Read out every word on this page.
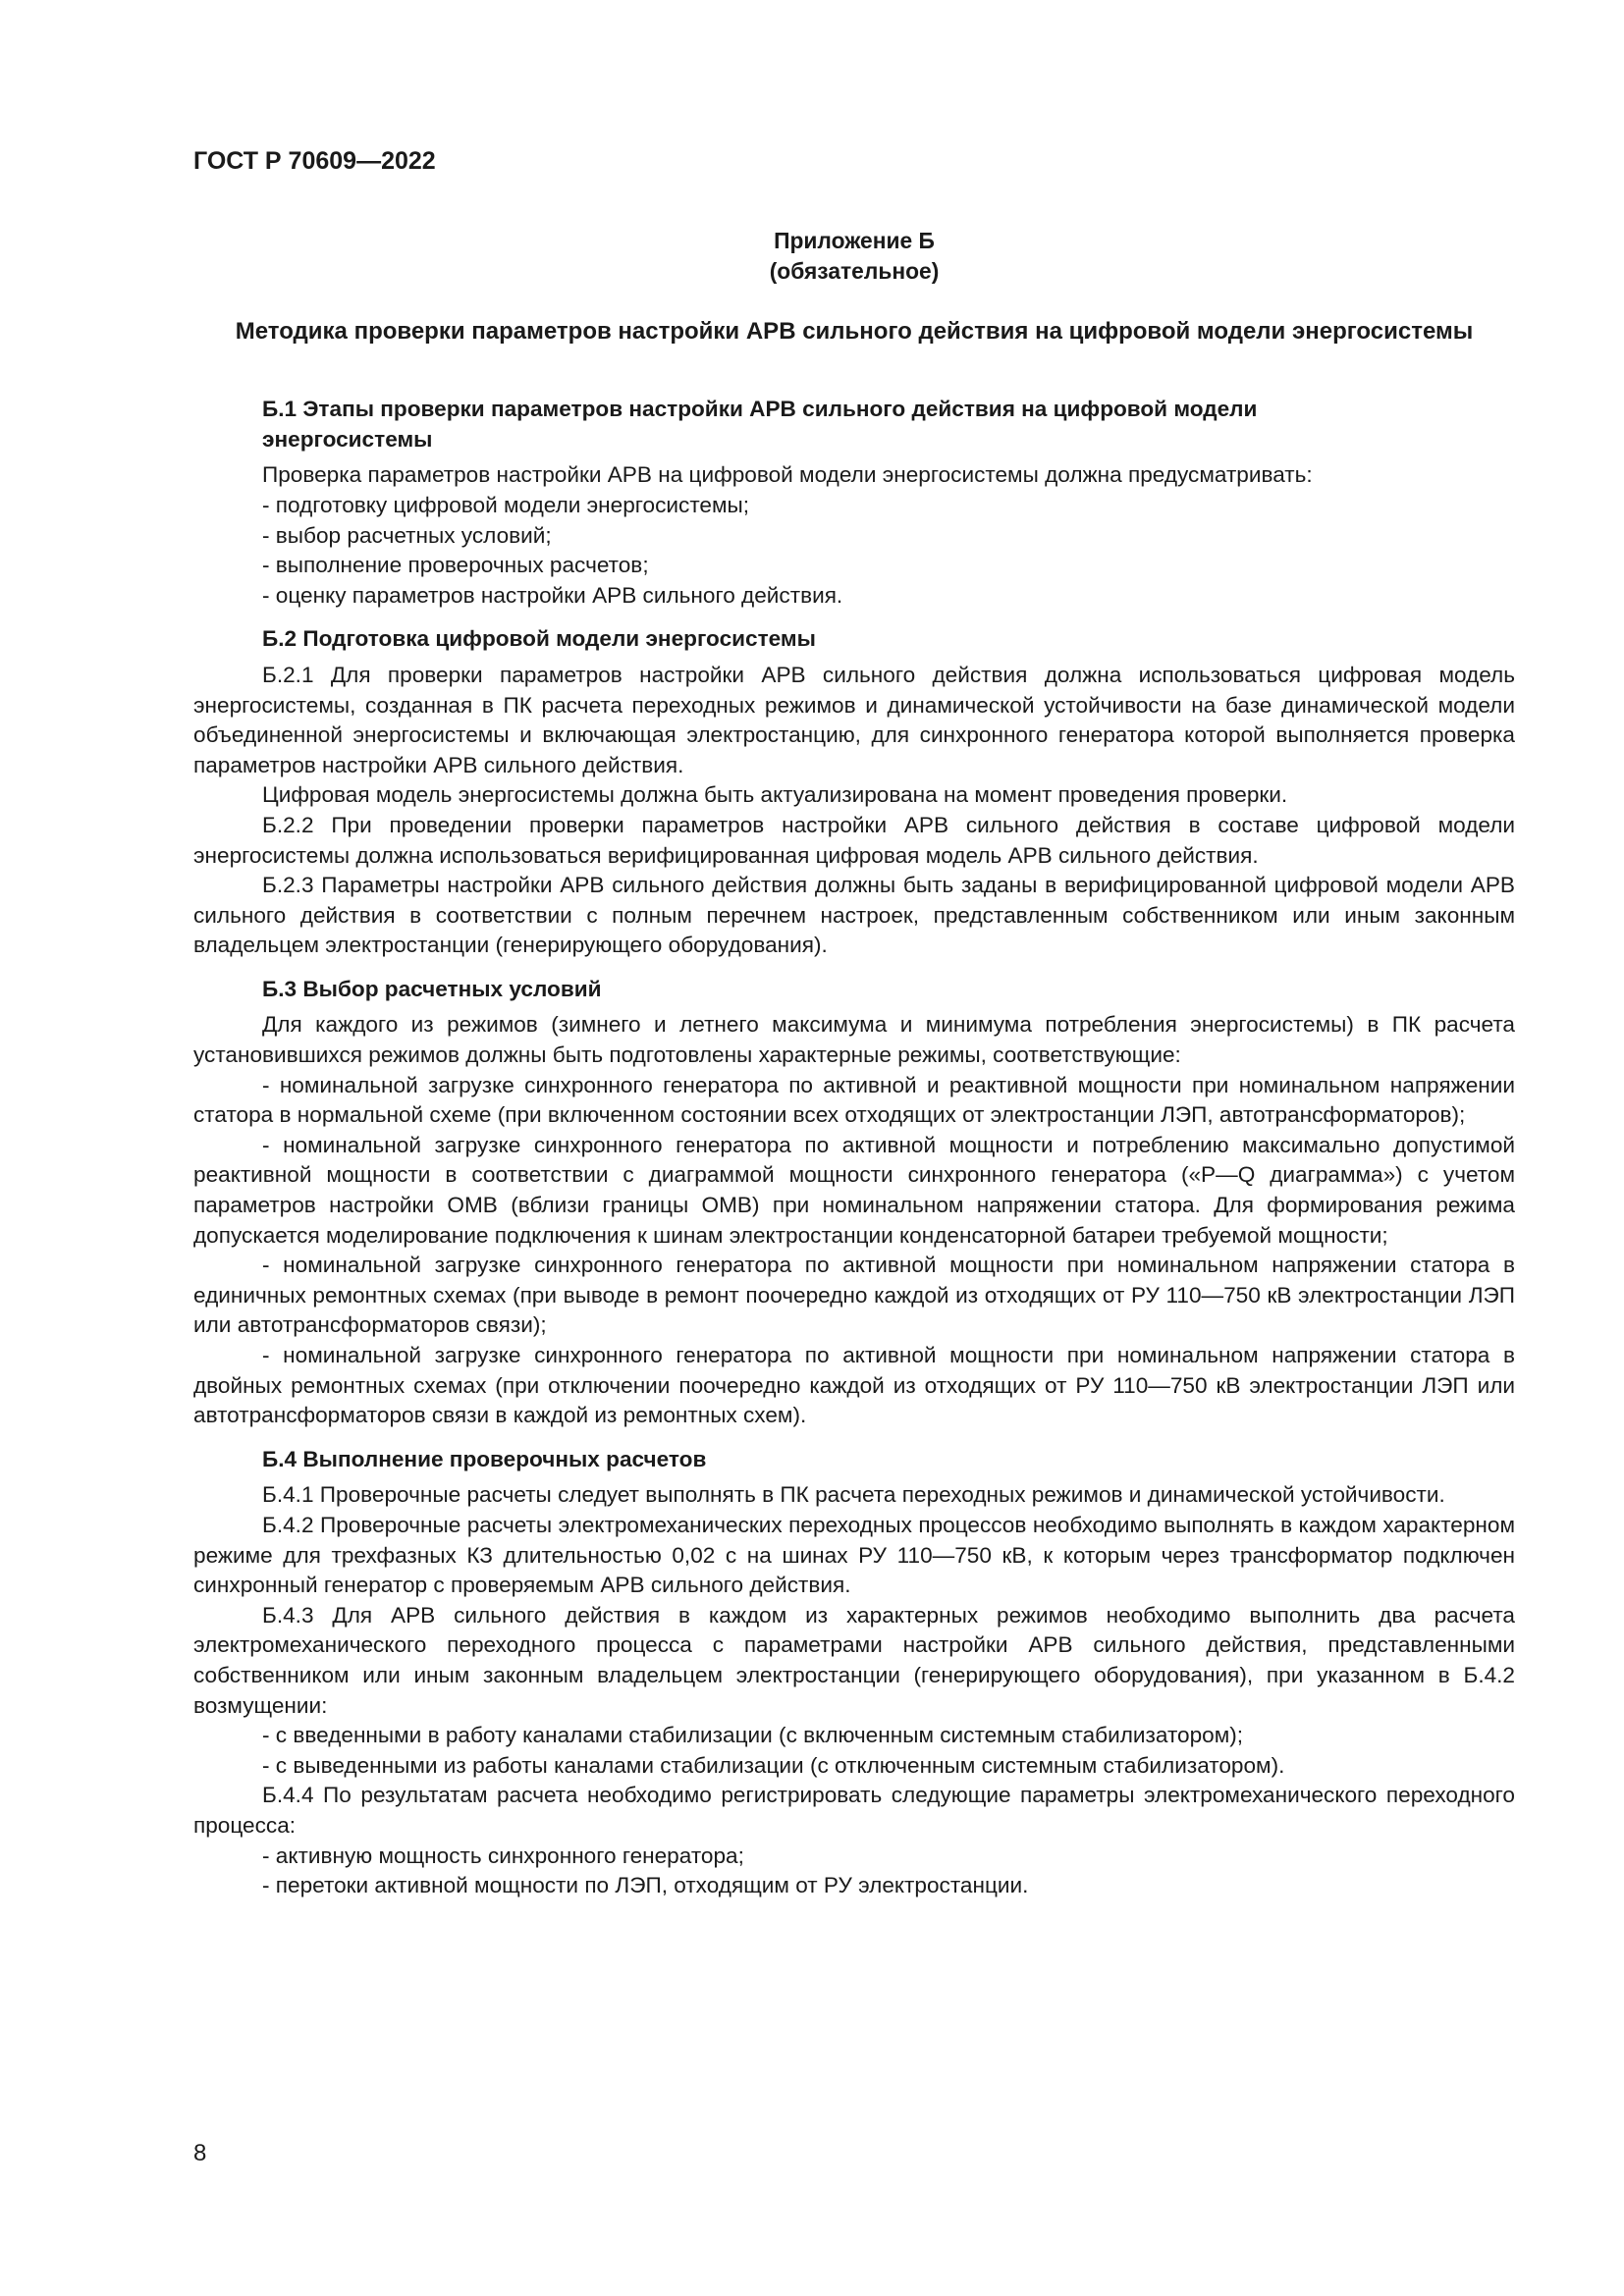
ГОСТ Р 70609—2022
Приложение Б
(обязательное)
Методика проверки параметров настройки АРВ сильного действия на цифровой модели энергосистемы
Б.1 Этапы проверки параметров настройки АРВ сильного действия на цифровой модели
энергосистемы

Проверка параметров настройки АРВ на цифровой модели энергосистемы должна предусматривать:

- подготовку цифровой модели энергосистемы;

- выбор расчетных условий;

- выполнение проверочных расчетов;

- оценку параметров настройки АРВ сильного действия.

Б.2 Подготовка цифровой модели энергосистемы

Б.2.1 Для проверки параметров настройки АРВ сильного действия должна использоваться цифровая модель энергосистемы, созданная в ПК расчета переходных режимов и динамической устойчивости на базе динамической модели объединенной энергосистемы и включающая электростанцию, для синхронного генератора которой выполняется проверка параметров настройки АРВ сильного действия.

Цифровая модель энергосистемы должна быть актуализирована на момент проведения проверки.

Б.2.2 При проведении проверки параметров настройки АРВ сильного действия в составе цифровой модели энергосистемы должна использоваться верифицированная цифровая модель АРВ сильного действия.

Б.2.3 Параметры настройки АРВ сильного действия должны быть заданы в верифицированной цифровой модели АРВ сильного действия в соответствии с полным перечнем настроек, представленным собственником или иным законным владельцем электростанции (генерирующего оборудования).

Б.3 Выбор расчетных условий

Для каждого из режимов (зимнего и летнего максимума и минимума потребления энергосистемы) в ПК расчета установившихся режимов должны быть подготовлены характерные режимы, соответствующие:

- номинальной загрузке синхронного генератора по активной и реактивной мощности при номинальном напряжении статора в нормальной схеме (при включенном состоянии всех отходящих от электростанции ЛЭП, автотрансформаторов);

- номинальной загрузке синхронного генератора по активной мощности и потреблению максимально допустимой реактивной мощности в соответствии с диаграммой мощности синхронного генератора («P—Q диаграмма») с учетом параметров настройки ОМВ (вблизи границы ОМВ) при номинальном напряжении статора. Для формирования режима допускается моделирование подключения к шинам электростанции конденсаторной батареи требуемой мощности;

- номинальной загрузке синхронного генератора по активной мощности при номинальном напряжении статора в единичных ремонтных схемах (при выводе в ремонт поочередно каждой из отходящих от РУ 110—750 кВ электростанции ЛЭП или автотрансформаторов связи);

- номинальной загрузке синхронного генератора по активной мощности при номинальном напряжении статора в двойных ремонтных схемах (при отключении поочередно каждой из отходящих от РУ 110—750 кВ электростанции ЛЭП или автотрансформаторов связи в каждой из ремонтных схем).

Б.4 Выполнение проверочных расчетов

Б.4.1 Проверочные расчеты следует выполнять в ПК расчета переходных режимов и динамической устойчивости.

Б.4.2 Проверочные расчеты электромеханических переходных процессов необходимо выполнять в каждом характерном режиме для трехфазных КЗ длительностью 0,02 с на шинах РУ 110—750 кВ, к которым через трансформатор подключен синхронный генератор с проверяемым АРВ сильного действия.

Б.4.3 Для АРВ сильного действия в каждом из характерных режимов необходимо выполнить два расчета электромеханического переходного процесса с параметрами настройки АРВ сильного действия, представленными собственником или иным законным владельцем электростанции (генерирующего оборудования), при указанном в Б.4.2 возмущении:

- с введенными в работу каналами стабилизации (с включенным системным стабилизатором);

- с выведенными из работы каналами стабилизации (с отключенным системным стабилизатором).

Б.4.4 По результатам расчета необходимо регистрировать следующие параметры электромеханического переходного процесса:

- активную мощность синхронного генератора;

- перетоки активной мощности по ЛЭП, отходящим от РУ электростанции.

8
